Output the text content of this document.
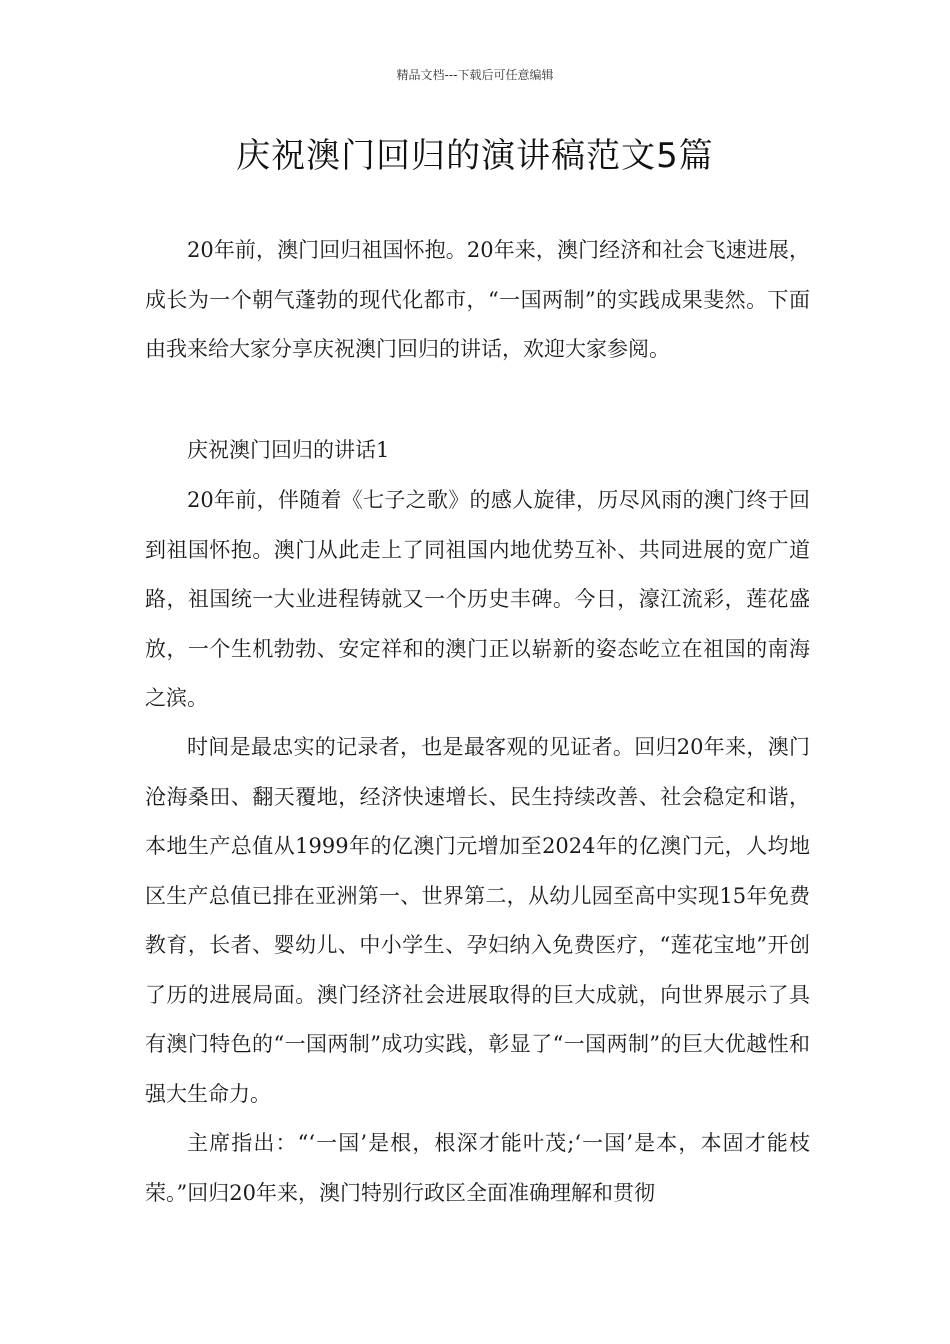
精品文档---下载后可任意编辑
庆祝澳门回归的演讲稿范文5篇

20年前，澳门回归祖国怀抱。20年来，澳门经济和社会飞速进展，成长为一个朝气蓬勃的现代化都市，“一国两制”的实践成果斐然。下面由我来给大家分享庆祝澳门回归的讲话，欢迎大家参阅。

庆祝澳门回归的讲话1

20年前，伴随着《七子之歌》的感人旋律，历尽风雨的澳门终于回到祖国怀抱。澳门从此走上了同祖国内地优势互补、共同进展的宽广道路，祖国统一大业进程铸就又一个历史丰碑。今日，濠江流彩，莲花盛放，一个生机勃勃、安定祥和的澳门正以崭新的姿态屹立在祖国的南海之滨。

时间是最忠实的记录者，也是最客观的见证者。回归20年来，澳门沧海桑田、翻天覆地，经济快速增长、民生持续改善、社会稳定和谐，本地生产总值从1999年的亿澳门元增加至2024年的亿澳门元，人均地区生产总值已排在亚洲第一、世界第二，从幼儿园至高中实现15年免费教育，长者、婴幼儿、中小学生、孕妇纳入免费医疗，“莲花宝地”开创了历的进展局面。澳门经济社会进展取得的巨大成就，向世界展示了具有澳门特色的“一国两制”成功实践，彰显了“一国两制”的巨大优越性和强大生命力。

主席指出：“‘一国’是根，根深才能叶茂;‘一国’是本，本固才能枝荣。”回归20年来，澳门特别行政区全面准确理解和贯彻
